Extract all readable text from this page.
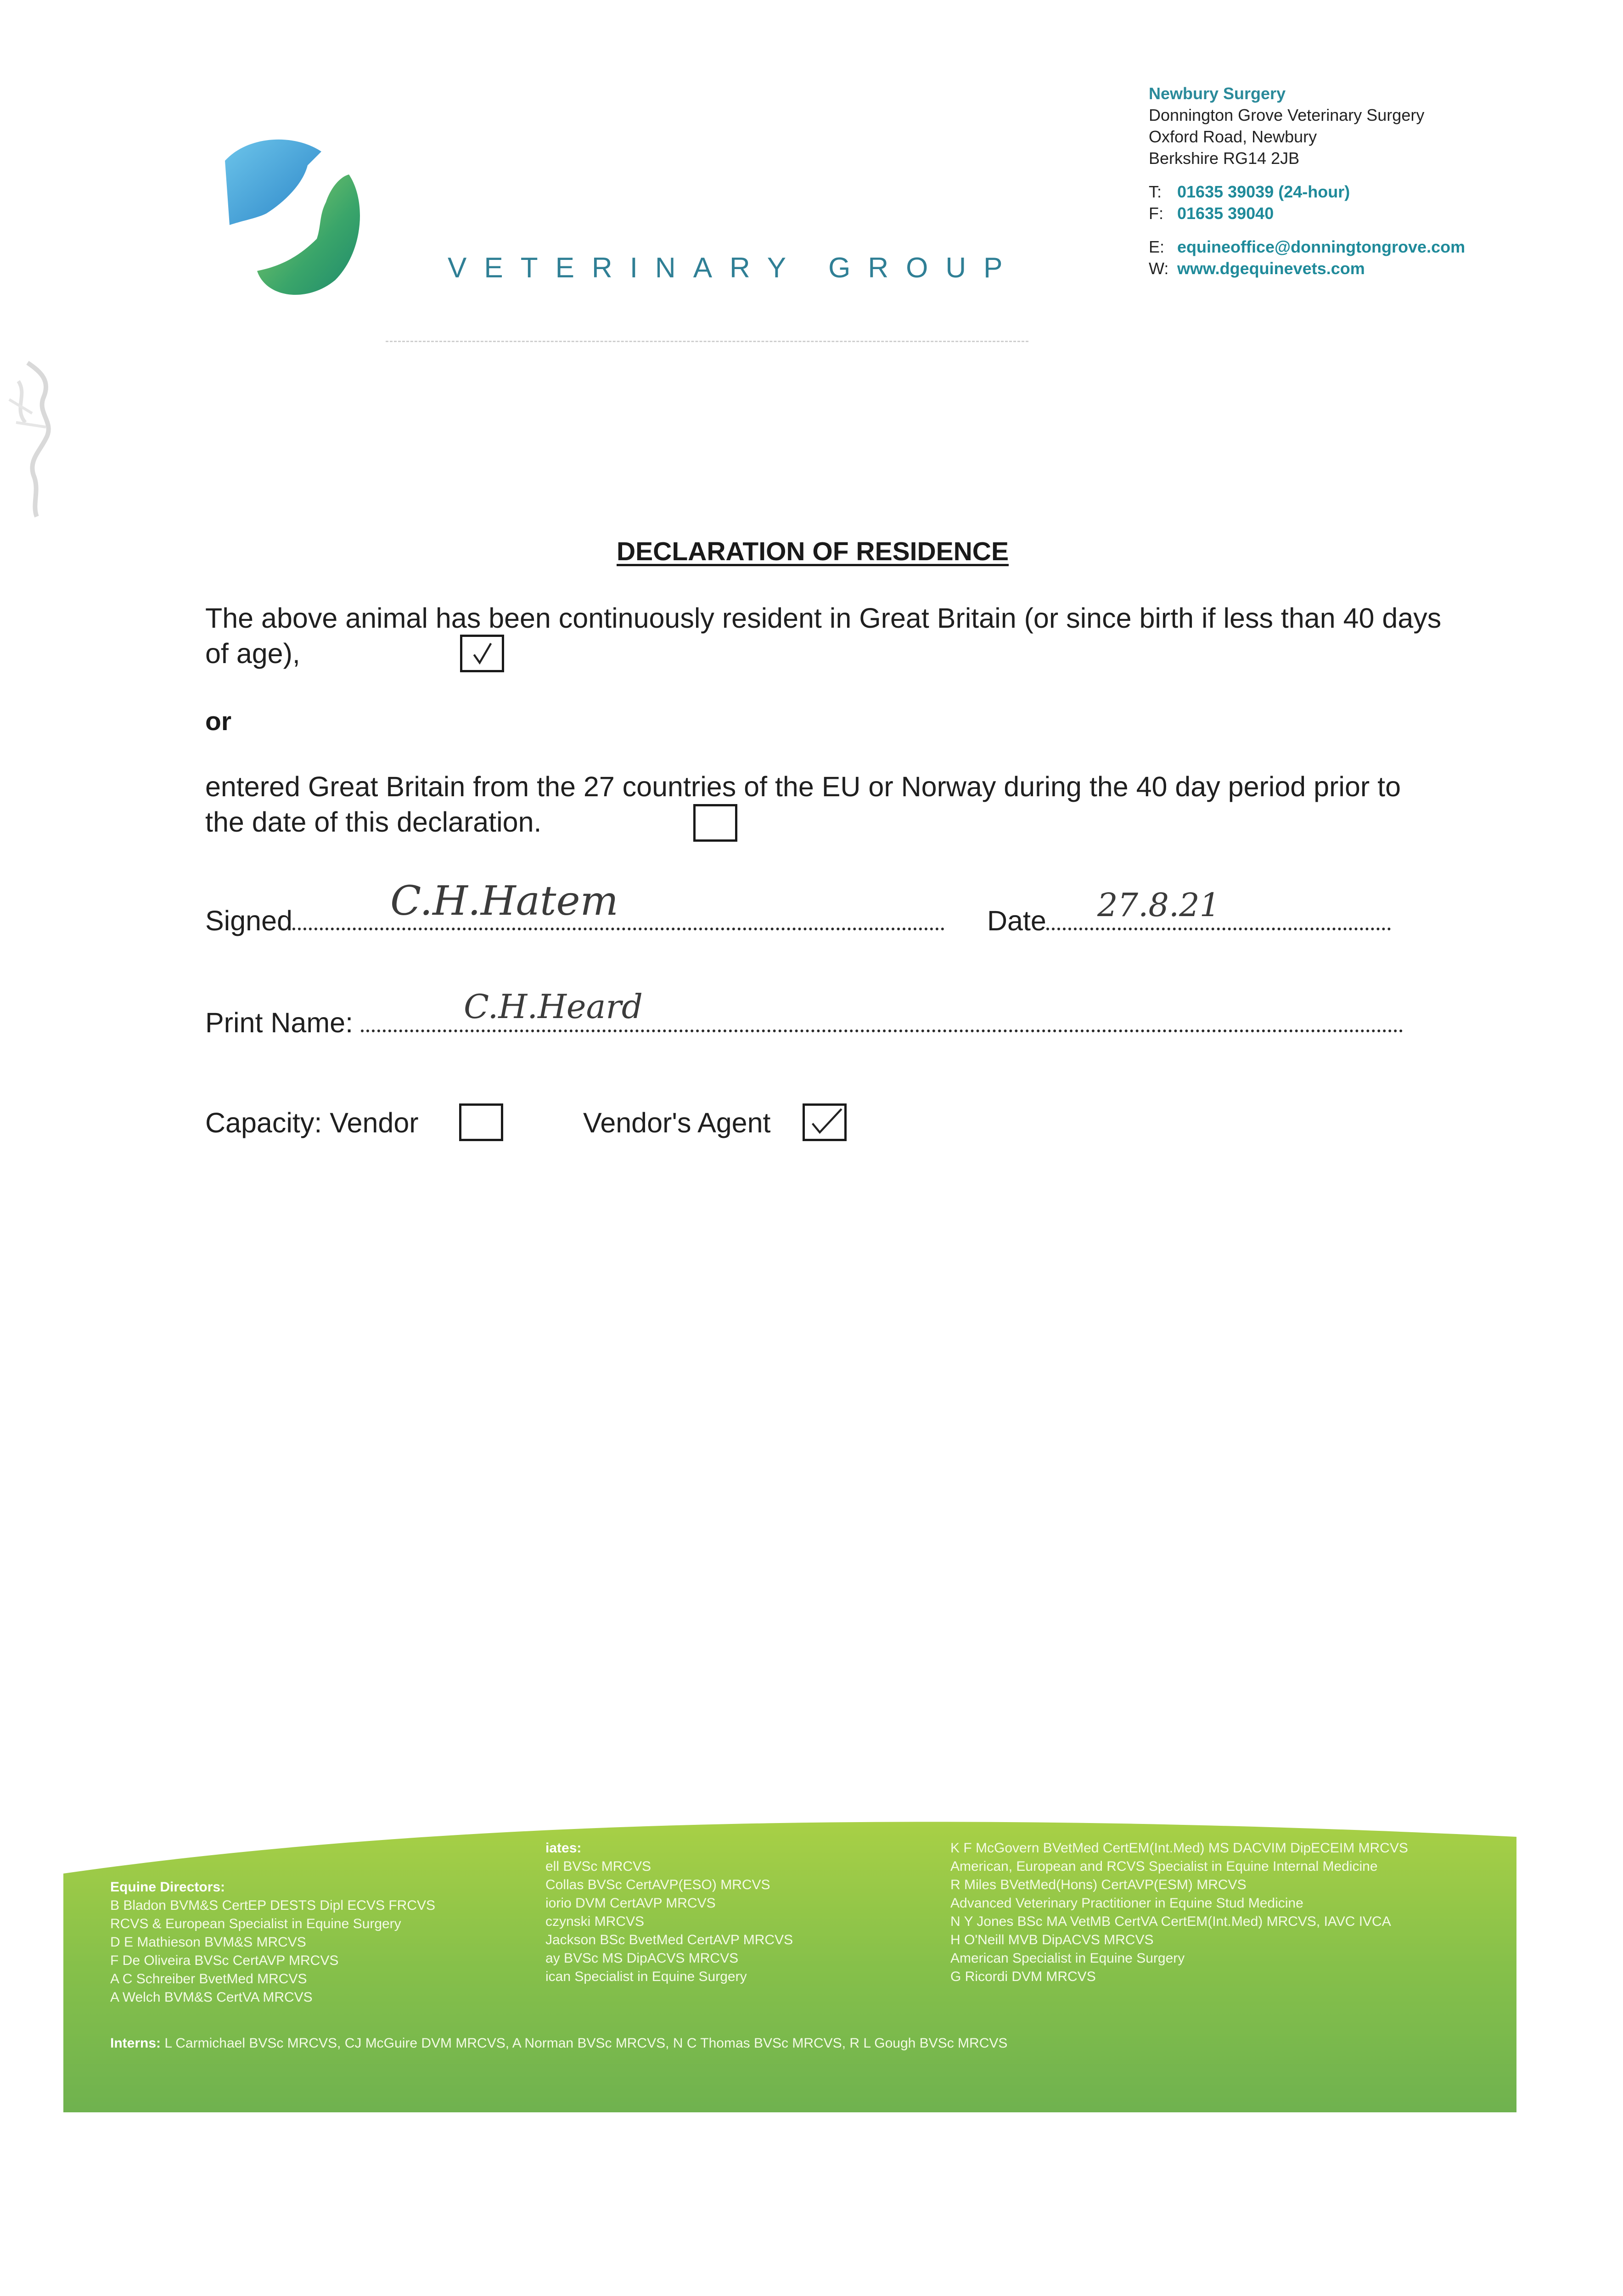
VETERINARY GROUP
Newbury Surgery
Donnington Grove Veterinary Surgery
Oxford Road, Newbury
Berkshire RG14 2JB
T: 01635 39039 (24-hour)
F: 01635 39040
E: equineoffice@donningtongrove.com
W: www.dgequinevets.com
DECLARATION OF RESIDENCE
The above animal has been continuously resident in Great Britain (or since birth if less than 40 days of age),
or
entered Great Britain from the 27 countries of the EU or Norway during the 40 day period prior to the date of this declaration.
Signed	C.H.Hatem	Date	27.8.21
Print Name:	C.H.Heard
Capacity: Vendor	Vendor's Agent
Equine Directors:
B Bladon BVM&S CertEP DESTS Dipl ECVS FRCVS
RCVS & European Specialist in Equine Surgery
D E Mathieson BVM&S MRCVS
F De Oliveira BVSc CertAVP MRCVS
A C Schreiber BvetMed MRCVS
A Welch BVM&S CertVA MRCVS
iates:
ell BVSc MRCVS
Collas BVSc CertAVP(ESO) MRCVS
iorio DVM CertAVP MRCVS
czynski MRCVS
Jackson BSc BvetMed CertAVP MRCVS
ay BVSc MS DipACVS MRCVS
ican Specialist in Equine Surgery
K F McGovern BVetMed CertEM(Int.Med) MS DACVIM DipECEIM MRCVS
American, European and RCVS Specialist in Equine Internal Medicine
R Miles BVetMed(Hons) CertAVP(ESM) MRCVS
Advanced Veterinary Practitioner in Equine Stud Medicine
N Y Jones BSc MA VetMB CertVA CertEM(Int.Med) MRCVS, IAVC IVCA
H O'Neill MVB DipACVS MRCVS
American Specialist in Equine Surgery
G Ricordi DVM MRCVS
Interns: L Carmichael BVSc MRCVS, CJ McGuire DVM MRCVS, A Norman BVSc MRCVS, N C Thomas BVSc MRCVS, R L Gough BVSc MRCVS
